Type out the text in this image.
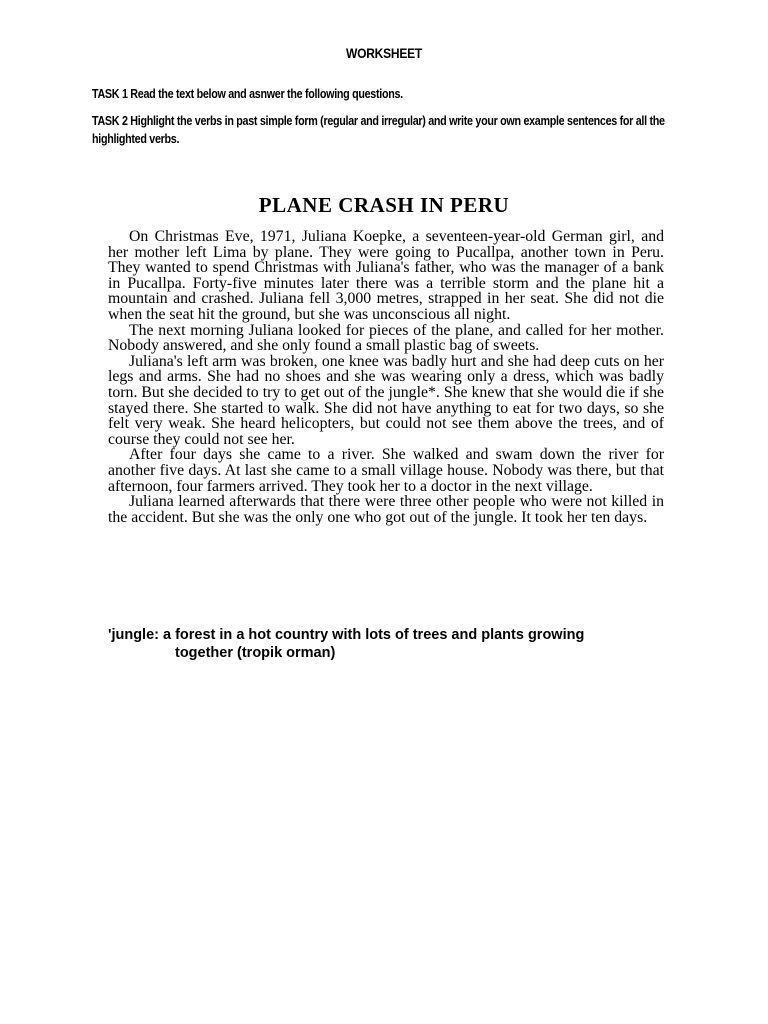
WORKSHEET

TASK 1 Read the text below and asnwer the following questions.

TASK 2 Highlight the verbs in past simple form (regular and irregular) and write your own example sentences for all the highlighted verbs.

PLANE CRASH IN PERU

On Christmas Eve, 1971, Juliana Koepke, a seventeen-year-old German girl, and her mother left Lima by plane. They were going to Pucallpa, another town in Peru. They wanted to spend Christmas with Juliana's father, who was the manager of a bank in Pucallpa. Forty-five minutes later there was a terrible storm and the plane hit a mountain and crashed. Juliana fell 3,000 metres, strapped in her seat. She did not die when the seat hit the ground, but she was unconscious all night.

The next morning Juliana looked for pieces of the plane, and called for her mother. Nobody answered, and she only found a small plastic bag of sweets.

Juliana's left arm was broken, one knee was badly hurt and she had deep cuts on her legs and arms. She had no shoes and she was wearing only a dress, which was badly torn. But she decided to try to get out of the jungle*. She knew that she would die if she stayed there. She started to walk. She did not have anything to eat for two days, so she felt very weak. She heard helicopters, but could not see them above the trees, and of course they could not see her.

After four days she came to a river. She walked and swam down the river for another five days. At last she came to a small village house. Nobody was there, but that afternoon, four farmers arrived. They took her to a doctor in the next village.

Juliana learned afterwards that there were three other people who were not killed in the accident. But she was the only one who got out of the jungle. It took her ten days.

'jungle: a forest in a hot country with lots of trees and plants growing
together (tropik orman)
